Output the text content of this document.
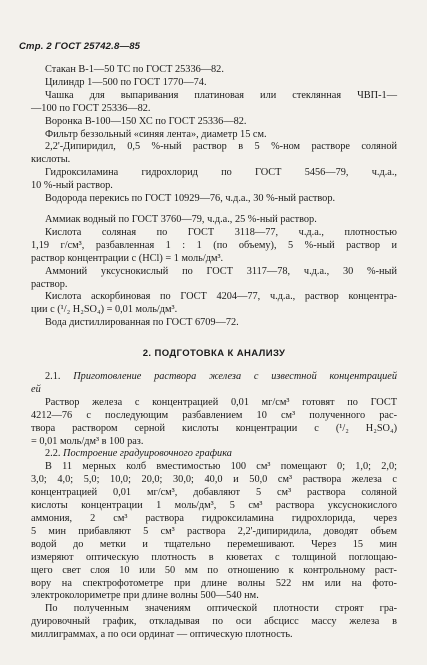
Стр. 2 ГОСТ 25742.8—85
Стакан В-1—50 ТС по ГОСТ 25336—82.
Цилиндр 1—500 по ГОСТ 1770—74.
Чашка для выпаривания платиновая или стеклянная ЧВП-1—
—100 по ГОСТ 25336—82.
Воронка В-100—150 ХС по ГОСТ 25336—82.
Фильтр беззольный «синяя лента», диаметр 15 см.
2,2'-Дипиридил, 0,5 %-ный раствор в 5 %-ном растворе соляной
кислоты.
Гидроксиламина гидрохлорид по ГОСТ 5456—79, ч.д.а.,
10 %-ный раствор.
Водорода перекись по ГОСТ 10929—76, ч.д.а., 30 %-ный раствор.
Аммиак водный по ГОСТ 3760—79, ч.д.а., 25 %-ный раствор.
Кислота соляная по ГОСТ 3118—77, ч.д.а., плотностью
1,19 г/см³, разбавленная 1 : 1 (по объему), 5 %-ный раствор и
раствор концентрации с (HCl) = 1 моль/дм³.
Аммоний уксуснокислый по ГОСТ 3117—78, ч.д.а., 30 %-ный
раствор.
Кислота аскорбиновая по ГОСТ 4204—77, ч.д.а., раствор концентра-
ции с (¹/₂ H₂SO₄) = 0,01 моль/дм³.
Вода дистиллированная по ГОСТ 6709—72.
2. ПОДГОТОВКА К АНАЛИЗУ
2.1. Приготовление раствора железа с известной концентрацией
ей
Раствор железа с концентрацией 0,01 мг/см³ готовят по ГОСТ
4212—76 с последующим разбавлением 10 см³ полученного рас-
твора раствором серной кислоты концентрации с (¹/₂ H₂SO₄)
= 0,01 моль/дм³ в 100 раз.
2.2. Построение градуировочного графика
В 11 мерных колб вместимостью 100 см³ помещают 0; 1,0; 2,0;
3,0; 4,0; 5,0; 10,0; 20,0; 30,0; 40,0 и 50,0 см³ раствора железа с
концентрацией 0,01 мг/см³, добавляют 5 см³ раствора соляной
кислоты концентрации 1 моль/дм³, 5 см³ раствора уксуснокислого
аммония, 2 см³ раствора гидроксиламина гидрохлорида, через
5 мин прибавляют 5 см³ раствора 2,2'-дипиридила, доводят объем
водой до метки и тщательно перемешивают. Через 15 мин
измеряют оптическую плотность в кюветах с толщиной поглощаю-
щего свет слоя 10 или 50 мм по отношению к контрольному раст-
вору на спектрофотометре при длине волны 522 нм или на фото-
электроколориметре при длине волны 500—540 нм.
По полученным значениям оптической плотности строят гра-
дуировочный график, откладывая по оси абсцисс массу железа в
миллиграммах, а по оси ординат — оптическую плотность.
